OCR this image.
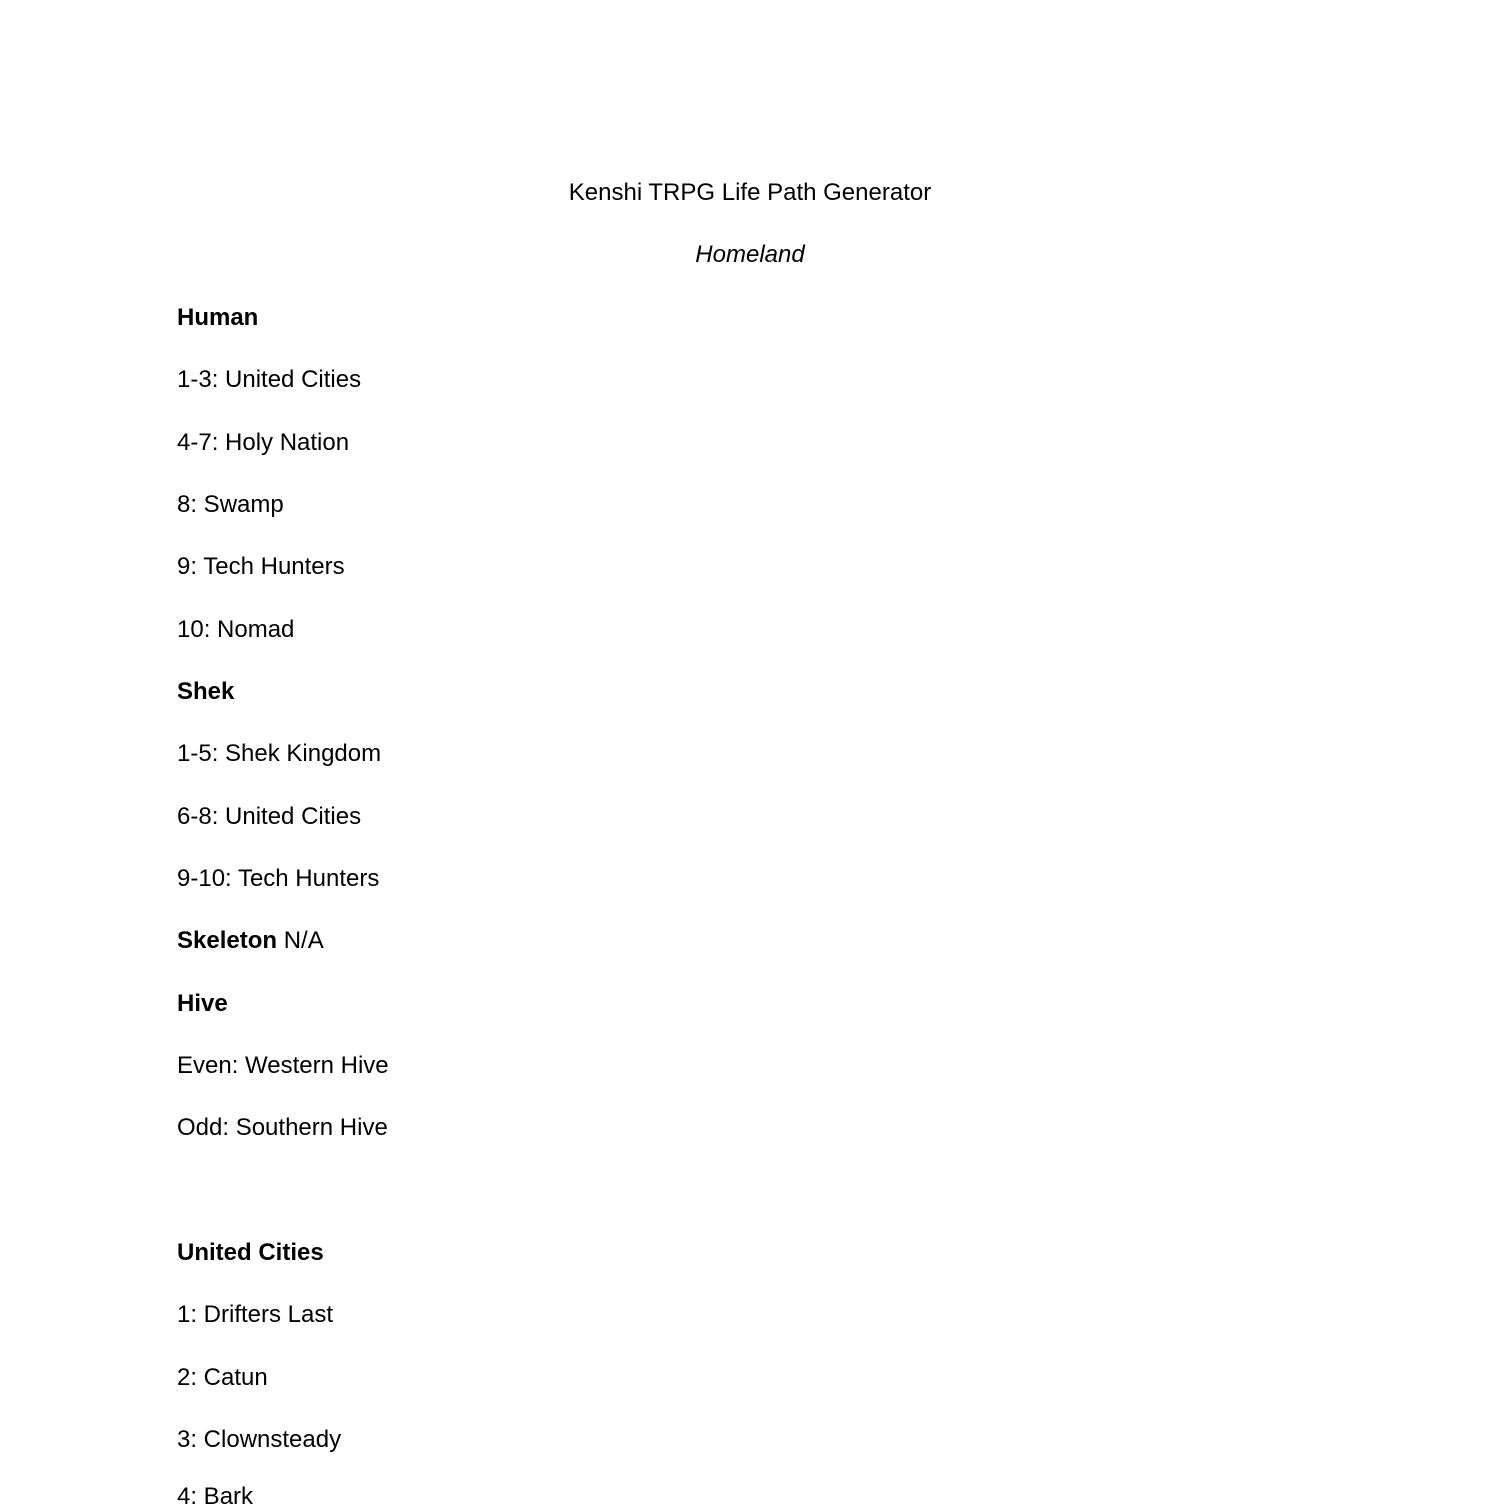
Kenshi TRPG Life Path Generator
Homeland
Human
1-3: United Cities
4-7: Holy Nation
8: Swamp
9: Tech Hunters
10: Nomad
Shek
1-5: Shek Kingdom
6-8: United Cities
9-10: Tech Hunters
Skeleton N/A
Hive
Even: Western Hive
Odd: Southern Hive
United Cities
1: Drifters Last
2: Catun
3: Clownsteady
4: Bark
